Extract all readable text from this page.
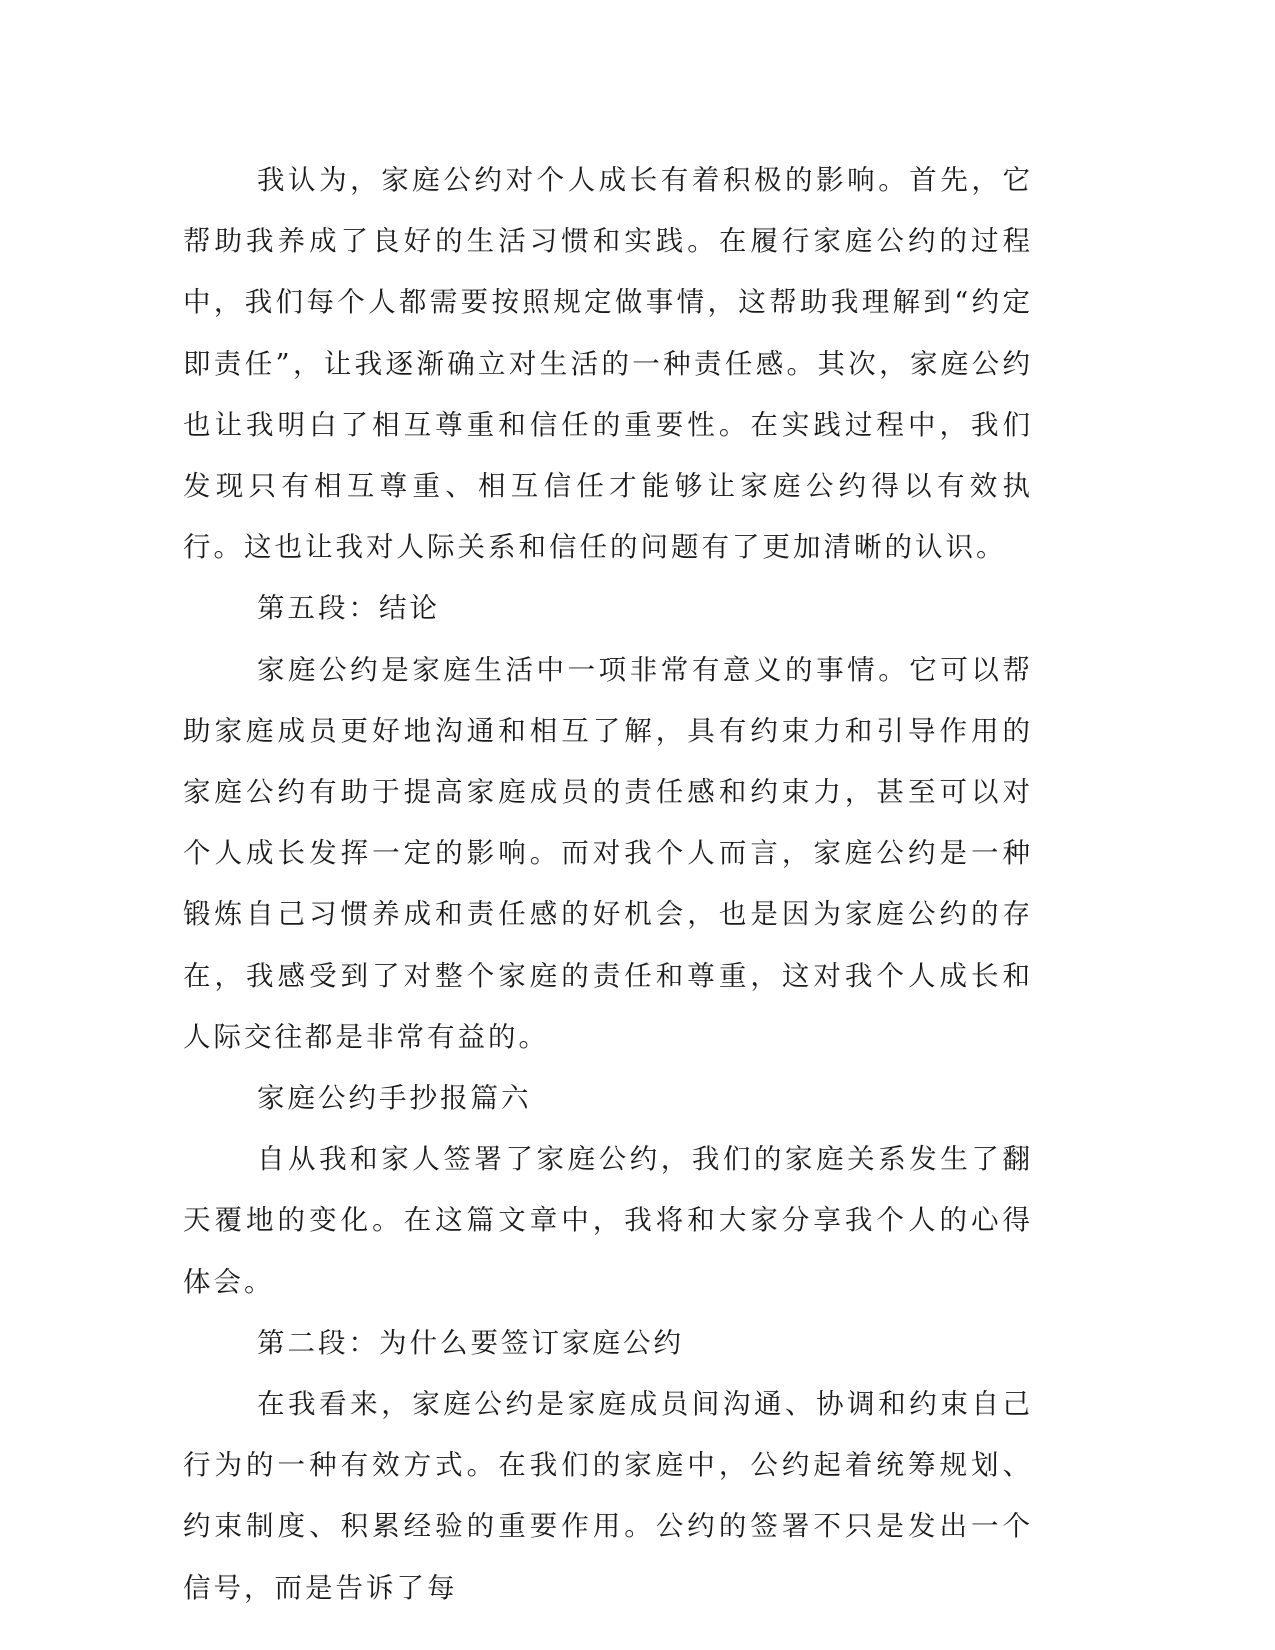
我认为，家庭公约对个人成长有着积极的影响。首先，它帮助我养成了良好的生活习惯和实践。在履行家庭公约的过程中，我们每个人都需要按照规定做事情，这帮助我理解到“约定即责任”，让我逐渐确立对生活的一种责任感。其次，家庭公约也让我明白了相互尊重和信任的重要性。在实践过程中，我们发现只有相互尊重、相互信任才能够让家庭公约得以有效执行。这也让我对人际关系和信任的问题有了更加清晰的认识。

第五段：结论

家庭公约是家庭生活中一项非常有意义的事情。它可以帮助家庭成员更好地沟通和相互了解，具有约束力和引导作用的家庭公约有助于提高家庭成员的责任感和约束力，甚至可以对个人成长发挥一定的影响。而对我个人而言，家庭公约是一种锻炼自己习惯养成和责任感的好机会，也是因为家庭公约的存在，我感受到了对整个家庭的责任和尊重，这对我个人成长和人际交往都是非常有益的。

家庭公约手抄报篇六

自从我和家人签署了家庭公约，我们的家庭关系发生了翻天覆地的变化。在这篇文章中，我将和大家分享我个人的心得体会。

第二段：为什么要签订家庭公约

在我看来，家庭公约是家庭成员间沟通、协调和约束自己行为的一种有效方式。在我们的家庭中，公约起着统筹规划、约束制度、积累经验的重要作用。公约的签署不只是发出一个信号，而是告诉了每
